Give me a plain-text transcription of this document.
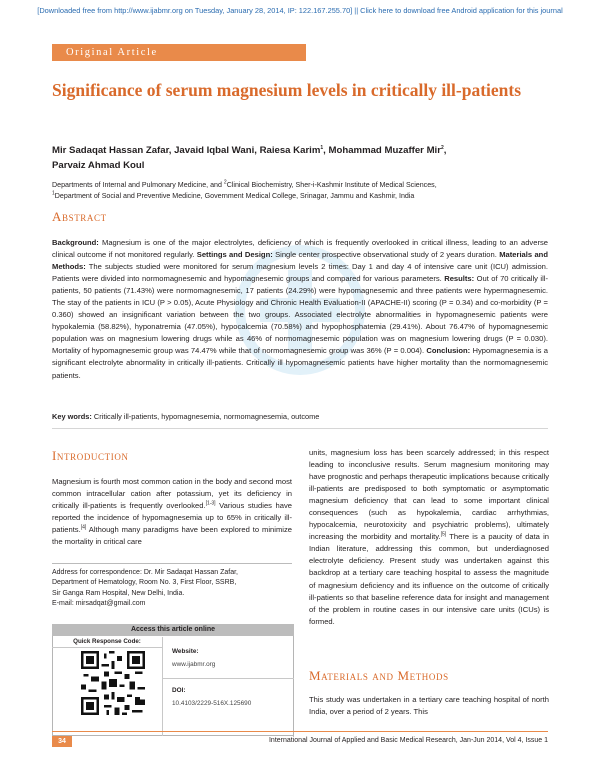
[Downloaded free from http://www.ijabmr.org on Tuesday, January 28, 2014, IP: 122.167.255.70] || Click here to download free Android application for this journal
Original Article
Significance of serum magnesium levels in critically ill-patients
Mir Sadaqat Hassan Zafar, Javaid Iqbal Wani, Raiesa Karim$^1$, Mohammad Muzaffer Mir$^2$,
Parvaiz Ahmad Koul
Departments of Internal and Pulmonary Medicine, and $^2$Clinical Biochemistry, Sher-i-Kashmir Institute of Medical Sciences,
$^1$Department of Social and Preventive Medicine, Government Medical College, Srinagar, Jammu and Kashmir, India
Abstract
Background: Magnesium is one of the major electrolytes, deficiency of which is frequently overlooked in critical illness, leading to an adverse clinical outcome if not monitored regularly. Settings and Design: Single center prospective observational study of 2 years duration. Materials and Methods: The subjects studied were monitored for serum magnesium levels 2 times: Day 1 and day 4 of intensive care unit (ICU) admission. Patients were divided into normomagnesemic and hypomagnesemic groups and compared for various parameters. Results: Out of 70 critically ill-patients, 50 patients (71.43%) were normomagnesemic, 17 patients (24.29%) were hypomagnesemic and three patients were hypermagnesemic. The stay of the patients in ICU (P > 0.05), Acute Physiology and Chronic Health Evaluation-II (APACHE-II) scoring (P = 0.34) and co-morbidity (P = 0.360) showed an insignificant variation between the two groups. Associated electrolyte abnormalities in hypomagnesemic patients were hypokalemia (58.82%), hyponatremia (47.05%), hypocalcemia (70.58%) and hypophosphatemia (29.41%). About 76.47% of hypomagnesemic population was on magnesium lowering drugs while as 46% of normomagnesemic population was on magnesium lowering drugs (P = 0.030). Mortality of hypomagnesemic group was 74.47% while that of normomagnesemic group was 36% (P = 0.004). Conclusion: Hypomagnesemia is a significant electrolyte abnormality in critically ill-patients. Critically ill hypomagnesemic patients have higher mortality than the normomagnesemic patients.
Key words: Critically ill-patients, hypomagnesemia, normomagnesemia, outcome
Introduction
Magnesium is fourth most common cation in the body and second most common intracellular cation after potassium, yet its deficiency in critically ill-patients is frequently overlooked.[1-3] Various studies have reported the incidence of hypomagnesemia up to 65% in critically ill-patients.[4] Although many paradigms have been explored to minimize the mortality in critical care
Address for correspondence: Dr. Mir Sadaqat Hassan Zafar,
Department of Hematology, Room No. 3, First Floor, SSRB,
Sir Ganga Ram Hospital, New Delhi, India.
E-mail: mirsadqat@gmail.com
Access this article online
Quick Response Code:
Website:
www.ijabmr.org
DOI:
10.4103/2229-516X.125690
units, magnesium loss has been scarcely addressed; in this respect leading to inconclusive results. Serum magnesium monitoring may have prognostic and perhaps therapeutic implications because critically ill-patients are predisposed to both symptomatic or asymptomatic magnesium deficiency that can lead to some important clinical consequences (such as hypokalemia, cardiac arrhythmias, hypocalcemia, neurotoxicity and psychiatric problems), ultimately increasing the morbidity and mortality.[5] There is a paucity of data in Indian literature, addressing this common, but underdiagnosed electrolyte deficiency. Present study was undertaken against this backdrop at a tertiary care teaching hospital to assess the magnitude of magnesium deficiency and its influence on the outcome of critically ill-patients so that baseline reference data for insight and management of the problem in routine cases in our intensive care units (ICUs) is formed.
Materials and Methods
This study was undertaken in a tertiary care teaching hospital of north India, over a period of 2 years. This
34	International Journal of Applied and Basic Medical Research, Jan-Jun 2014, Vol 4, Issue 1
